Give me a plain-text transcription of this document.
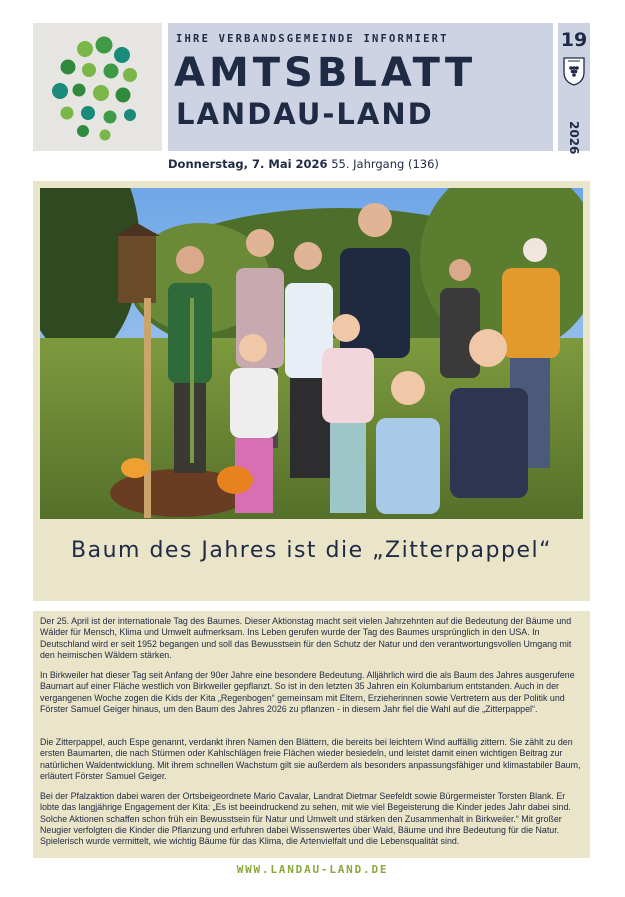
IHRE VERBANDSGEMEINDE INFORMIERT
AMTSBLATT
LANDAU-LAND
19
2026
Donnerstag, 7. Mai 2026 55. Jahrgang (136)
Baum des Jahres ist die „Zitterpappel“

Der 25. April ist der internationale Tag des Baumes. Dieser Aktionstag macht seit vielen Jahrzehnten auf die Bedeutung der Bäume und Wälder für Mensch, Klima und Umwelt aufmerksam. Ins Leben gerufen wurde der Tag des Baumes ursprünglich in den USA. In Deutschland wird er seit 1952 begangen und soll das Bewusstsein für den Schutz der Natur und den verantwortungsvollen Umgang mit den heimischen Wäldern stärken.

In Birkweiler hat dieser Tag seit Anfang der 90er Jahre eine besondere Bedeutung. Alljährlich wird die als Baum des Jahres ausgerufene Baumart auf einer Fläche westlich von Birkweiler gepflanzt. So ist in den letzten 35 Jahren ein Kolumbarium entstanden. Auch in der vergangenen Woche zogen die Kids der Kita „Regenbogen“ gemeinsam mit Eltern, Erzieherinnen sowie Vertretern aus der Politik und Förster Samuel Geiger hinaus, um den Baum des Jahres 2026 zu pflanzen - in diesem Jahr fiel die Wahl auf die „Zitterpappel“.

Die Zitterpappel, auch Espe genannt, verdankt ihren Namen den Blättern, die bereits bei leichtem Wind auffällig zittern. Sie zählt zu den ersten Baumarten, die nach Stürmen oder Kahlschlägen freie Flächen wieder besiedeln, und leistet damit einen wichtigen Beitrag zur natürlichen Waldentwicklung. Mit ihrem schnellen Wachstum gilt sie außerdem als besonders anpassungsfähiger und klimastabiler Baum, erläutert Förster Samuel Geiger.

Bei der Pfalzaktion dabei waren der Ortsbeigeordnete Mario Cavalar, Landrat Dietmar Seefeldt sowie Bürgermeister Torsten Blank. Er lobte das langjährige Engagement der Kita: „Es ist beeindruckend zu sehen, mit wie viel Begeisterung die Kinder jedes Jahr dabei sind. Solche Aktionen schaffen schon früh ein Bewusstsein für Natur und Umwelt und stärken den Zusammenhalt in Birkweiler.“ Mit großer Neugier verfolgten die Kinder die Pflanzung und erfuhren dabei Wissenswertes über Wald, Bäume und ihre Bedeutung für die Natur. Spielerisch wurde vermittelt, wie wichtig Bäume für das Klima, die Artenvielfalt und die Lebensqualität sind.

WWW.LANDAU-LAND.DE
